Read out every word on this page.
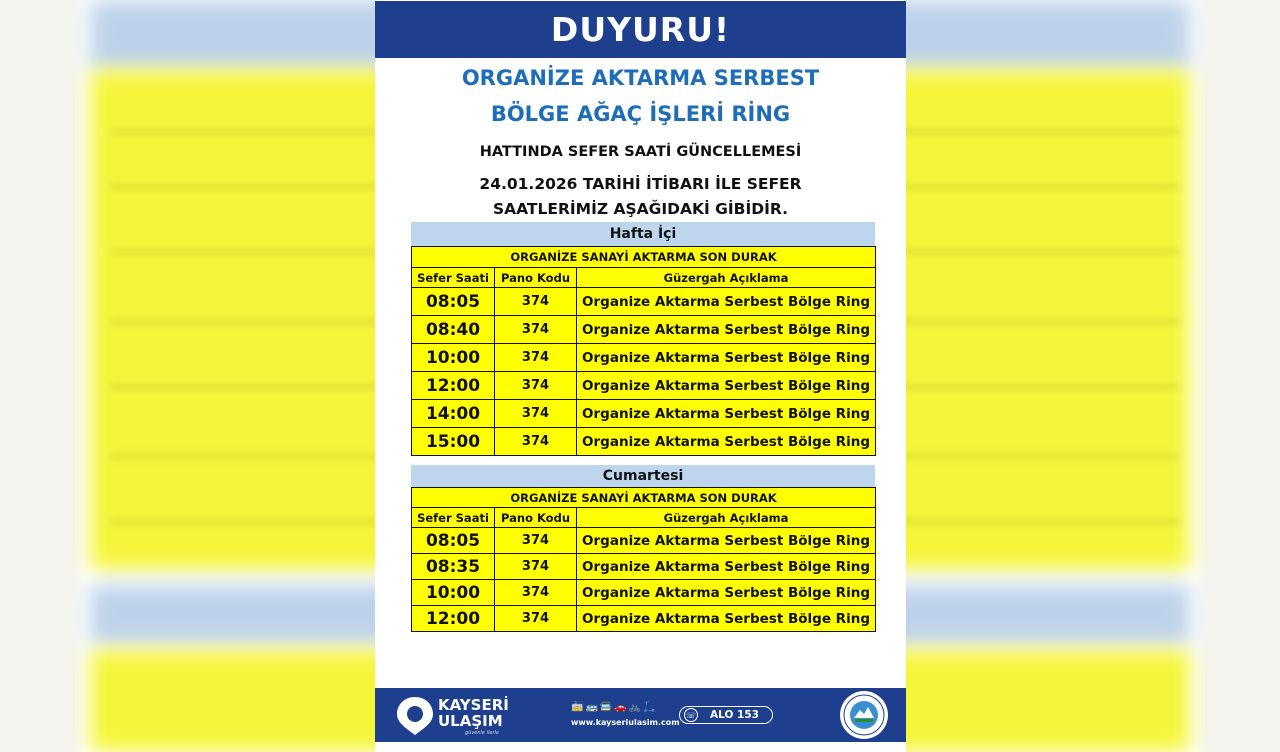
DUYURU!
ORGANİZE AKTARMA SERBEST
BÖLGE AĞAÇ İŞLERİ RİNG
HATTINDA SEFER SAATİ GÜNCELLEMESİ
24.01.2026 TARİHİ İTİBARI İLE SEFER
SAATLERİMİZ AŞAĞIDAKİ GİBİDİR.
Hafta İçi
ORGANİZE SANAYİ AKTARMA SON DURAK		
Sefer Saati	Pano Kodu	Güzergah Açıklama
08:05	374	Organize Aktarma Serbest Bölge Ring
08:40	374	Organize Aktarma Serbest Bölge Ring
10:00	374	Organize Aktarma Serbest Bölge Ring
12:00	374	Organize Aktarma Serbest Bölge Ring
14:00	374	Organize Aktarma Serbest Bölge Ring
15:00	374	Organize Aktarma Serbest Bölge Ring
Cumartesi
ORGANİZE SANAYİ AKTARMA SON DURAK		
Sefer Saati	Pano Kodu	Güzergah Açıklama
08:05	374	Organize Aktarma Serbest Bölge Ring
08:35	374	Organize Aktarma Serbest Bölge Ring
10:00	374	Organize Aktarma Serbest Bölge Ring
12:00	374	Organize Aktarma Serbest Bölge Ring
KAYSERİ
ULAŞIM
güvenle ilerle
🚋🚌🚍🚗🚲🛴
www.kayseriulasim.com
☏ ALO 153
